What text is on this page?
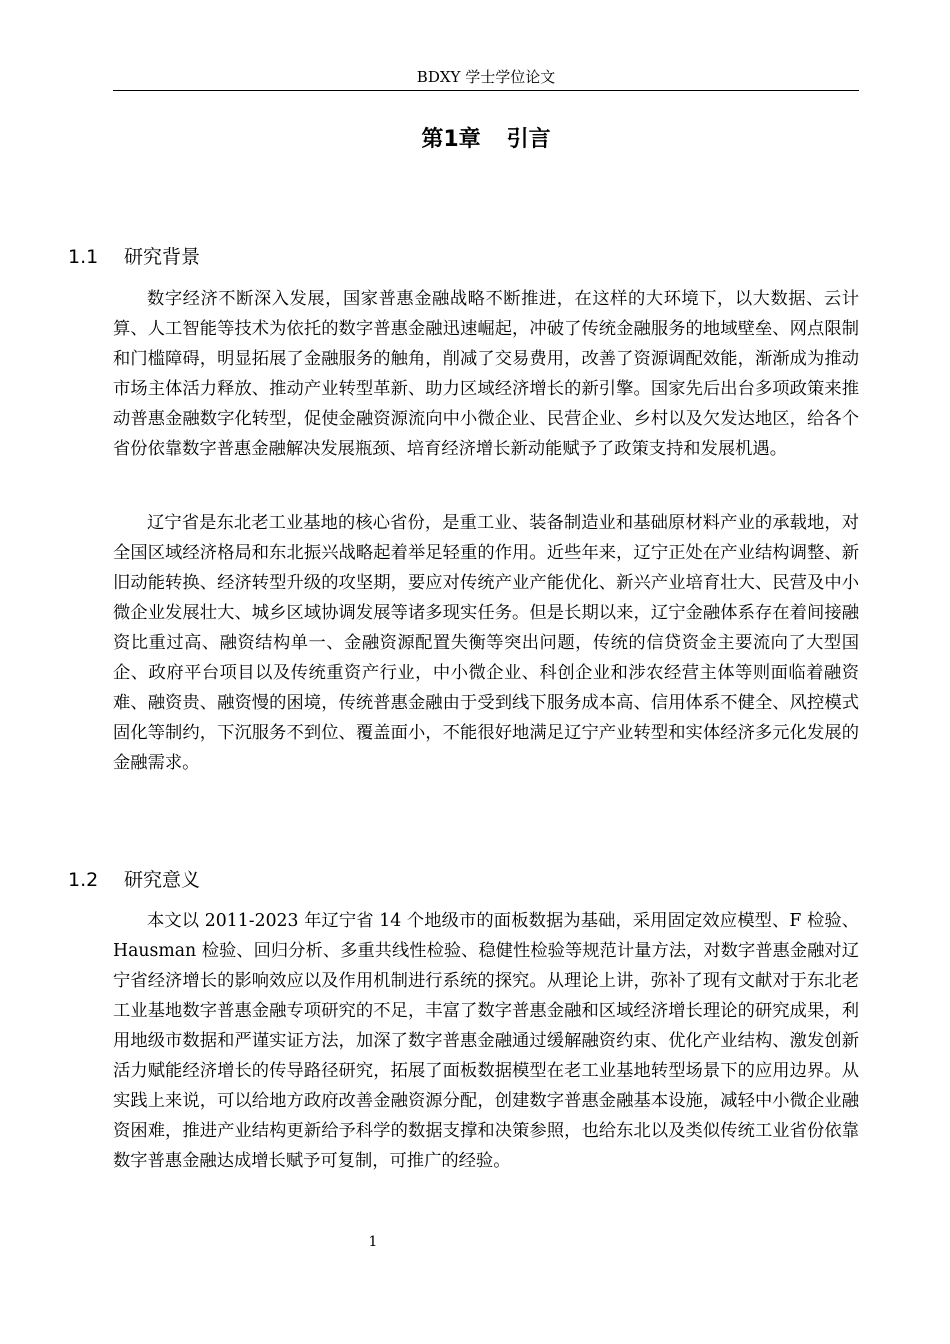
BDXY 学士学位论文
第1章 引言
1.1 研究背景

数字经济不断深入发展，国家普惠金融战略不断推进，在这样的大环境下，以大数据、云计算、人工智能等技术为依托的数字普惠金融迅速崛起，冲破了传统金融服务的地域壁垒、网点限制和门槛障碍，明显拓展了金融服务的触角，削减了交易费用，改善了资源调配效能，渐渐成为推动市场主体活力释放、推动产业转型革新、助力区域经济增长的新引擎。国家先后出台多项政策来推动普惠金融数字化转型，促使金融资源流向中小微企业、民营企业、乡村以及欠发达地区，给各个省份依靠数字普惠金融解决发展瓶颈、培育经济增长新动能赋予了政策支持和发展机遇。

辽宁省是东北老工业基地的核心省份，是重工业、装备制造业和基础原材料产业的承载地，对全国区域经济格局和东北振兴战略起着举足轻重的作用。近些年来，辽宁正处在产业结构调整、新旧动能转换、经济转型升级的攻坚期，要应对传统产业产能优化、新兴产业培育壮大、民营及中小微企业发展壮大、城乡区域协调发展等诸多现实任务。但是长期以来，辽宁金融体系存在着间接融资比重过高、融资结构单一、金融资源配置失衡等突出问题，传统的信贷资金主要流向了大型国企、政府平台项目以及传统重资产行业，中小微企业、科创企业和涉农经营主体等则面临着融资难、融资贵、融资慢的困境，传统普惠金融由于受到线下服务成本高、信用体系不健全、风控模式固化等制约，下沉服务不到位、覆盖面小，不能很好地满足辽宁产业转型和实体经济多元化发展的金融需求。

1.2 研究意义

本文以 2011-2023 年辽宁省 14 个地级市的面板数据为基础，采用固定效应模型、F 检验、Hausman 检验、回归分析、多重共线性检验、稳健性检验等规范计量方法，对数字普惠金融对辽宁省经济增长的影响效应以及作用机制进行系统的探究。从理论上讲，弥补了现有文献对于东北老工业基地数字普惠金融专项研究的不足，丰富了数字普惠金融和区域经济增长理论的研究成果，利用地级市数据和严谨实证方法，加深了数字普惠金融通过缓解融资约束、优化产业结构、激发创新活力赋能经济增长的传导路径研究，拓展了面板数据模型在老工业基地转型场景下的应用边界。从实践上来说，可以给地方政府改善金融资源分配，创建数字普惠金融基本设施，减轻中小微企业融资困难，推进产业结构更新给予科学的数据支撑和决策参照，也给东北以及类似传统工业省份依靠数字普惠金融达成增长赋予可复制，可推广的经验。

1
